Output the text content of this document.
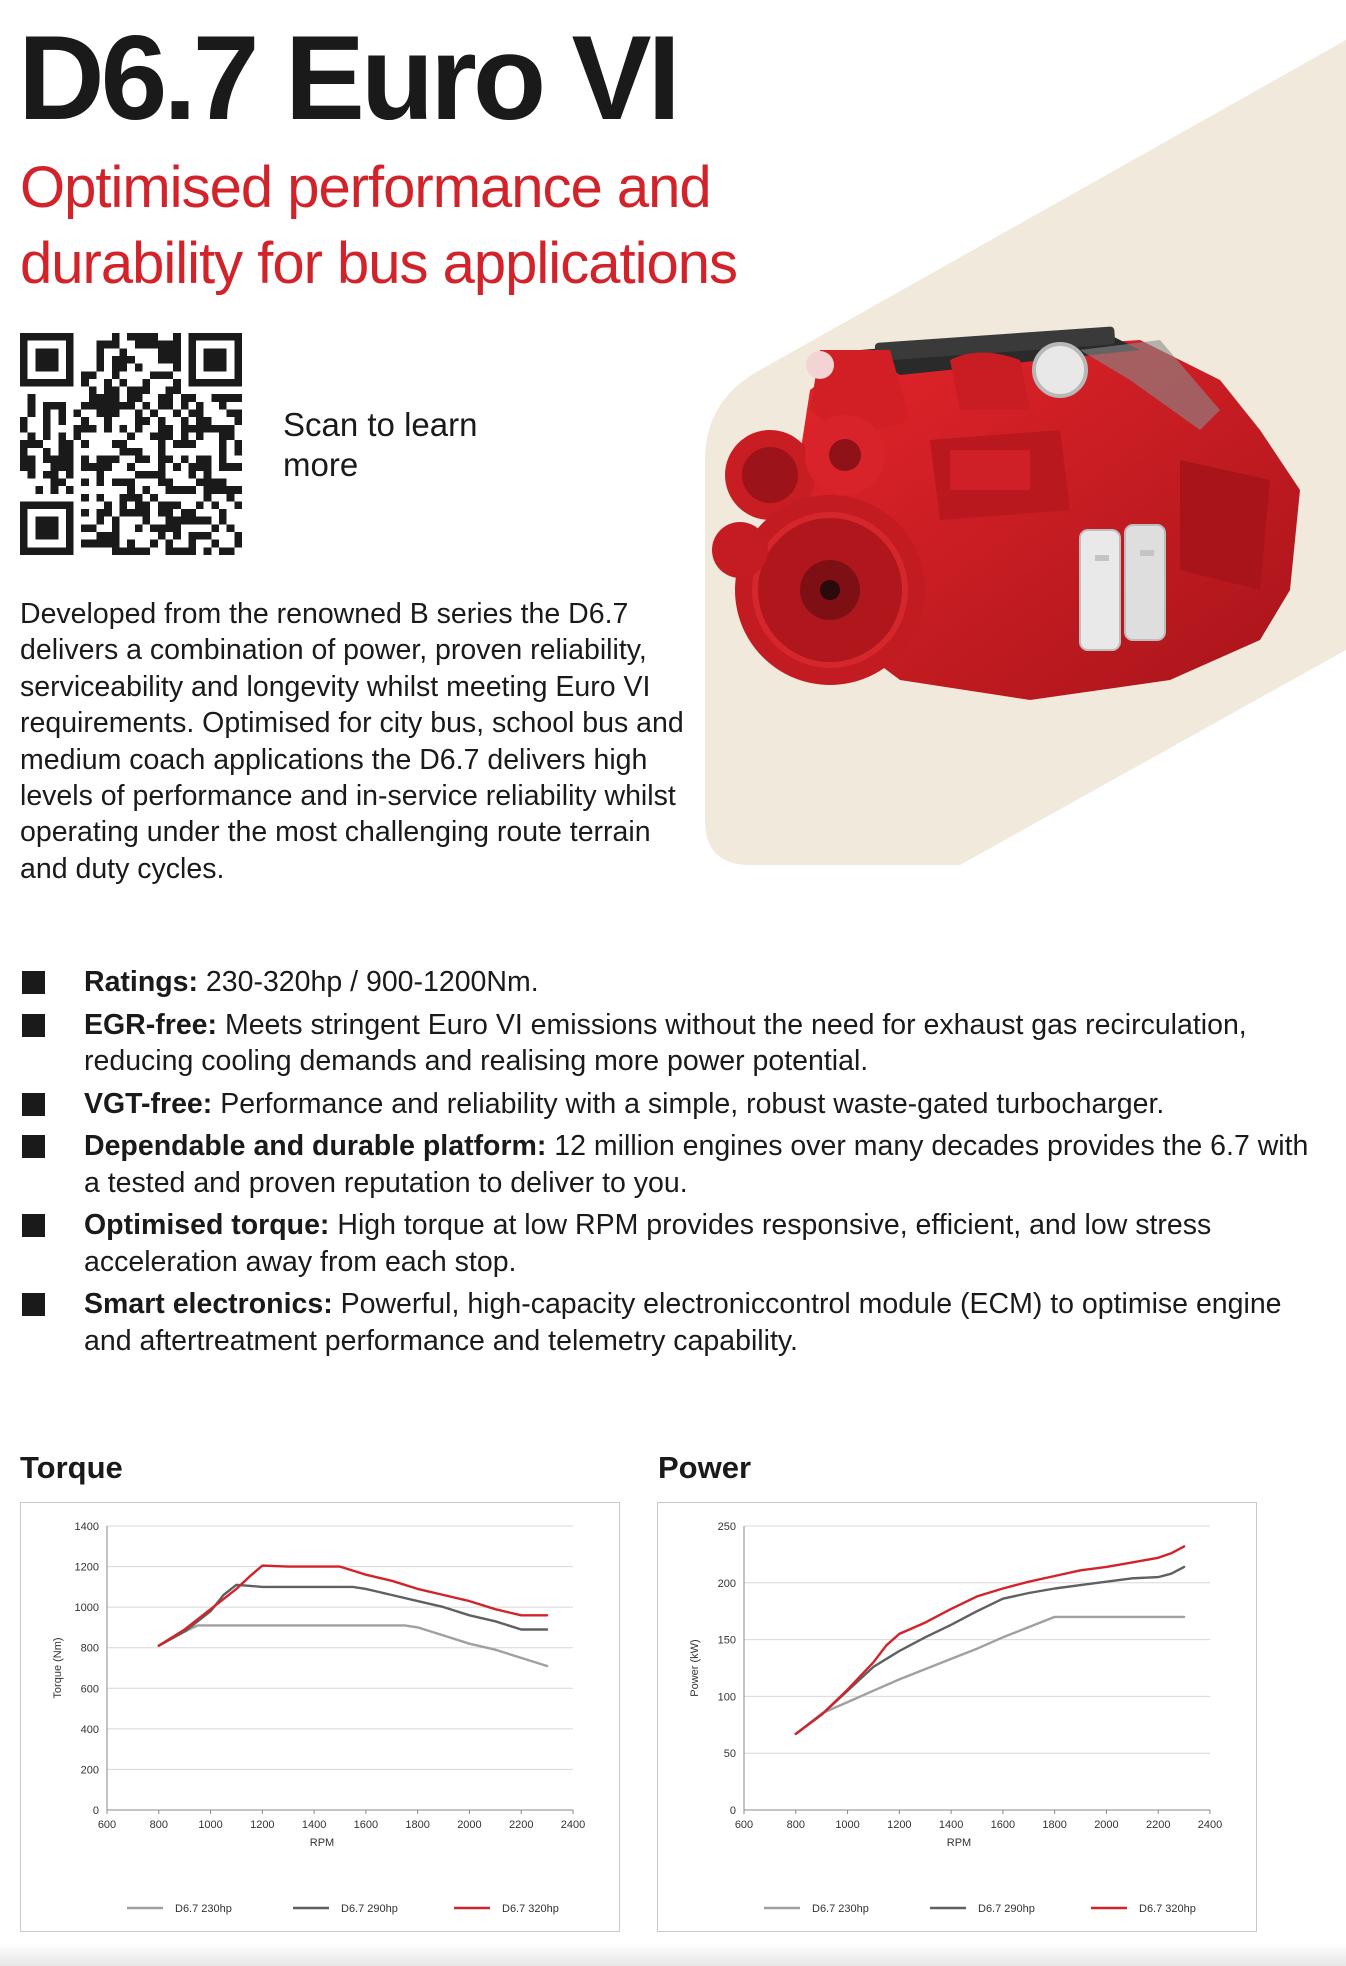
D6.7 Euro VI
Optimised performance and durability for bus applications
Scan to learn more
Developed from the renowned B series the D6.7 delivers a combination of power, proven reliability, serviceability and longevity whilst meeting Euro VI requirements. Optimised for city bus, school bus and medium coach applications the D6.7 delivers high levels of performance and in-service reliability whilst operating under the most challenging route terrain and duty cycles.
Ratings: 230-320hp / 900-1200Nm.
EGR-free: Meets stringent Euro VI emissions without the need for exhaust gas recirculation, reducing cooling demands and realising more power potential.
VGT-free: Performance and reliability with a simple, robust waste-gated turbocharger.
Dependable and durable platform: 12 million engines over many decades provides the 6.7 with a tested and proven reputation to deliver to you.
Optimised torque: High torque at low RPM provides responsive, efficient, and low stress acceleration away from each stop.
Smart electronics: Powerful, high-capacity electroniccontrol module (ECM) to optimise engine and aftertreatment performance and telemetry capability.
Torque
0
200
400
600
800
1000
1200
1400
600	800	1000 1200 1400 1600 1800 2000 2200 2400
RPM
Torque (Nm)
D6.7 230hp	D6.7 290hp	D6.7 320hp
Power
0
50
100
150
200
250
600	800	1000 1200 1400 1600 1800 2000 2200 2400
RPM
Power (kW)
D6.7 230hp	D6.7 290hp	D6.7 320hp
